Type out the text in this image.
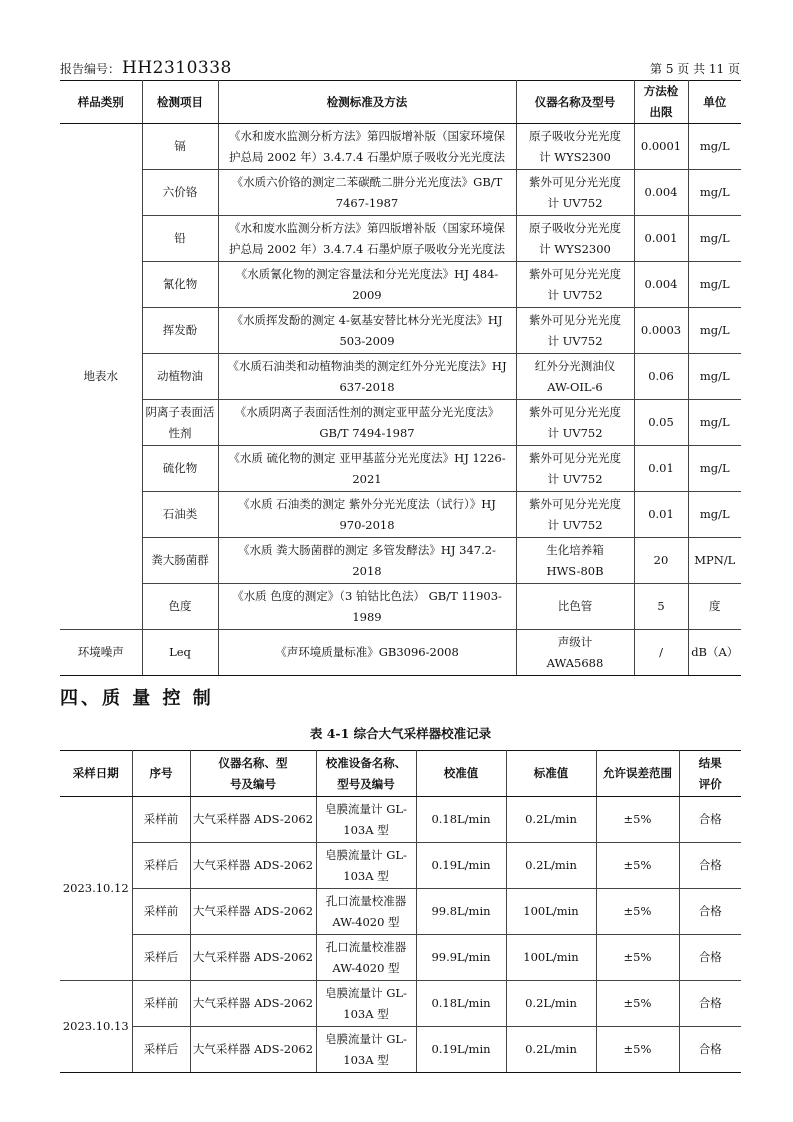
报告编号： HH2310338	第 5 页 共 11 页
样品类别	检测项目	检测标准及方法	仪器名称及型号	方法检出限	单位
地表水	镉	《水和废水监测分析方法》第四版增补版（国家环境保护总局 2002 年）3.4.7.4 石墨炉原子吸收分光光度法	原子吸收分光光度计 WYS2300	0.0001	mg/L
	六价铬	《水质六价铬的测定二苯碳酰二肼分光光度法》GB/T 7467-1987	紫外可见分光光度计 UV752	0.004	mg/L
	铅	《水和废水监测分析方法》第四版增补版（国家环境保护总局 2002 年）3.4.7.4 石墨炉原子吸收分光光度法	原子吸收分光光度计 WYS2300	0.001	mg/L
	氰化物	《水质氰化物的测定容量法和分光光度法》HJ 484-2009	紫外可见分光光度计 UV752	0.004	mg/L
	挥发酚	《水质挥发酚的测定 4-氨基安替比林分光光度法》HJ 503-2009	紫外可见分光光度计 UV752	0.0003	mg/L
	动植物油	《水质石油类和动植物油类的测定红外分光光度法》HJ 637-2018	红外分光测油仪 AW-OIL-6	0.06	mg/L
	阴离子表面活性剂	《水质阴离子表面活性剂的测定亚甲蓝分光光度法》GB/T 7494-1987	紫外可见分光光度计 UV752	0.05	mg/L
	硫化物	《水质 硫化物的测定 亚甲基蓝分光光度法》HJ 1226-2021	紫外可见分光光度计 UV752	0.01	mg/L
	石油类	《水质 石油类的测定 紫外分光光度法（试行）》HJ 970-2018	紫外可见分光光度计 UV752	0.01	mg/L
	粪大肠菌群	《水质 粪大肠菌群的测定 多管发酵法》HJ 347.2-2018	生化培养箱 HWS-80B	20	MPN/L
	色度	《水质 色度的测定》（3 铂钴比色法） GB/T 11903-1989	比色管	5	度
环境噪声	Leq	《声环境质量标准》GB3096-2008	声级计 AWA5688	/	dB（A）
四、质 量 控 制
表 4-1 综合大气采样器校准记录
采样日期	序号	仪器名称、型号及编号	校准设备名称、型号及编号	校准值	标准值	允许误差范围	结果评价
2023.10.12	采样前	大气采样器 ADS-2062	皂膜流量计 GL-103A 型	0.18L/min	0.2L/min	±5%	合格
	采样后	大气采样器 ADS-2062	皂膜流量计 GL-103A 型	0.19L/min	0.2L/min	±5%	合格
	采样前	大气采样器 ADS-2062	孔口流量校准器 AW-4020 型	99.8L/min	100L/min	±5%	合格
	采样后	大气采样器 ADS-2062	孔口流量校准器 AW-4020 型	99.9L/min	100L/min	±5%	合格
2023.10.13	采样前	大气采样器 ADS-2062	皂膜流量计 GL-103A 型	0.18L/min	0.2L/min	±5%	合格
	采样后	大气采样器 ADS-2062	皂膜流量计 GL-103A 型	0.19L/min	0.2L/min	±5%	合格
